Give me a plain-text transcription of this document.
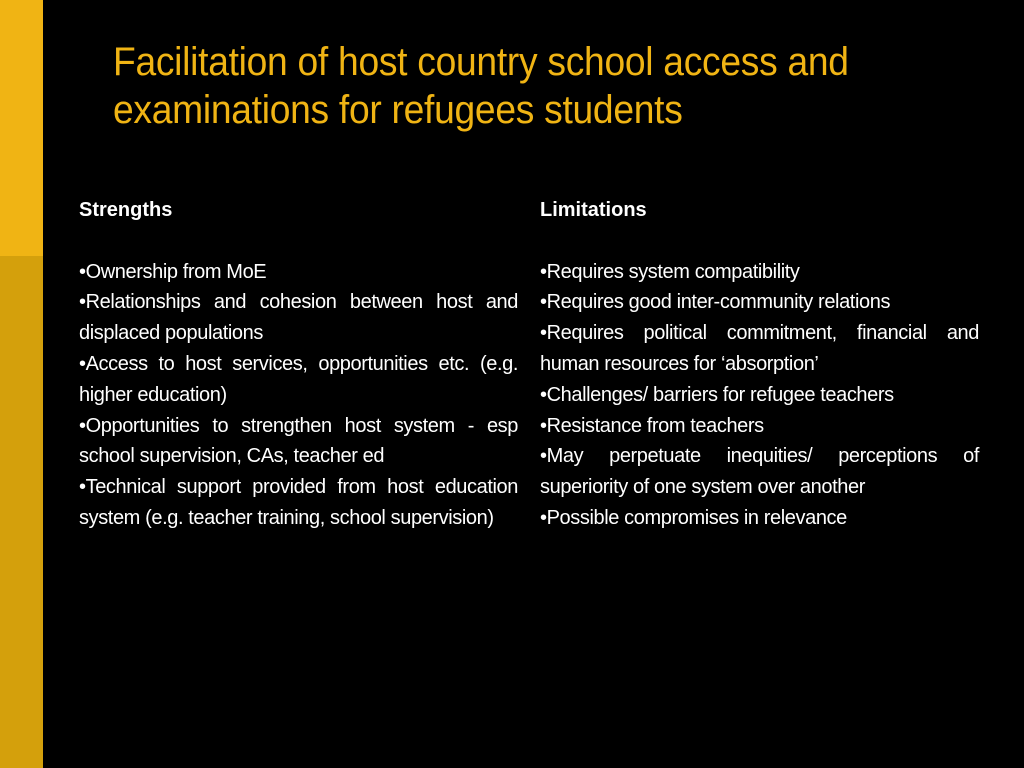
Facilitation of host country school access and
examinations for refugees students

Strengths

•Ownership from MoE
•Relationships and cohesion between host and displaced populations
•Access to host services, opportunities etc. (e.g. higher education)
•Opportunities to strengthen host system - esp school supervision, CAs, teacher ed
•Technical support provided from host education system (e.g. teacher training, school supervision)

Limitations

•Requires system compatibility
•Requires good inter-community relations
•Requires political commitment, financial and human resources for ‘absorption’
•Challenges/ barriers for refugee teachers
•Resistance from teachers
•May perpetuate inequities/ perceptions of superiority of one system over another
•Possible compromises in relevance
